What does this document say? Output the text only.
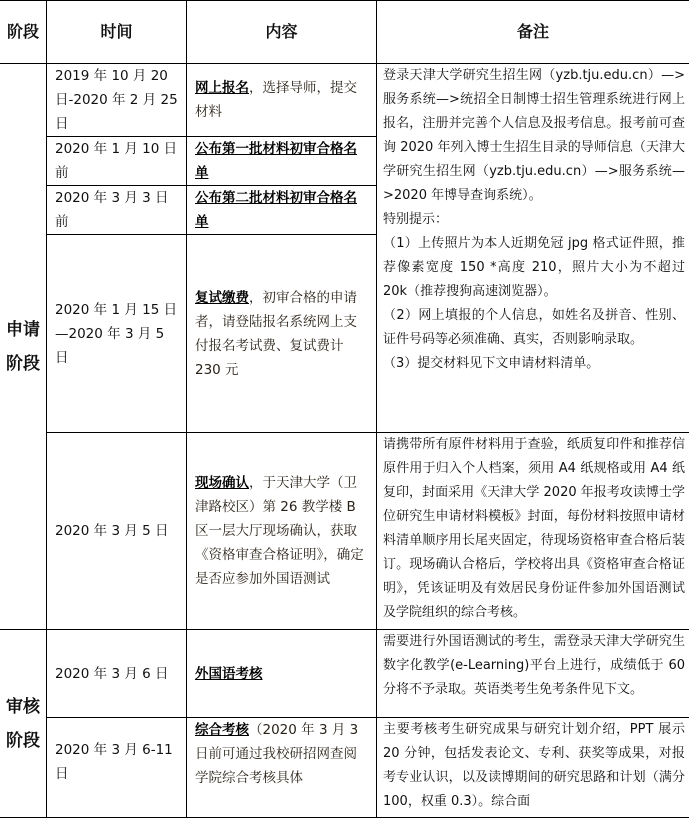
阶段	时间	内容	备注
申请阶段	2019 年 10 月 20 日-2020 年 2 月 25 日	网上报名，选择导师，提交材料	登录天津大学研究生招生网（yzb.tju.edu.cn）—>服务系统—>统招全日制博士招生管理系统进行网上报名，注册并完善个人信息及报考信息。报考前可查询 2020 年列入博士生招生目录的导师信息（天津大学研究生招生网（yzb.tju.edu.cn）—>服务系统—>2020 年博导查询系统）。

特别提示：

（1）上传照片为本人近期免冠 jpg 格式证件照，推荐像素宽度 150 *高度 210，照片大小为不超过 20k（推荐搜狗高速浏览器）。

（2）网上填报的个人信息，如姓名及拼音、性别、证件号码等必须准确、真实，否则影响录取。

（3）提交材料见下文申请材料清单。

	2020 年 1 月 10 日前	公布第一批材料初审合格名单	
	2020 年 3 月 3 日前	公布第二批材料初审合格名单	
	2020 年 1 月 15 日—2020 年 3 月 5 日	复试缴费，初审合格的申请者，请登陆报名系统网上支付报名考试费、复试费计 230 元	
	2020 年 3 月 5 日	现场确认，于天津大学（卫津路校区）第 26 教学楼 B 区一层大厅现场确认，获取《资格审查合格证明》，确定是否应参加外国语测试	请携带所有原件材料用于查验，纸质复印件和推荐信原件用于归入个人档案，须用 A4 纸规格或用 A4 纸复印，封面采用《天津大学 2020 年报考攻读博士学位研究生申请材料模板》封面，每份材料按照申请材料清单顺序用长尾夹固定，待现场资格审查合格后装订。现场确认合格后，学校将出具《资格审查合格证明》，凭该证明及有效居民身份证件参加外国语测试及学院组织的综合考核。
审核阶段	2020 年 3 月 6 日	外国语考核	需要进行外国语测试的考生，需登录天津大学研究生数字化教学(e-Learning)平台上进行，成绩低于 60 分将不予录取。英语类考生免考条件见下文。
	2020 年 3 月 6-11 日	综合考核（2020 年 3 月 3 日前可通过我校研招网查阅学院综合考核具体	主要考核考生研究成果与研究计划介绍，PPT 展示 20 分钟，包括发表论文、专利、获奖等成果，对报考专业认识，以及读博期间的研究思路和计划（满分 100，权重 0.3）。综合面
